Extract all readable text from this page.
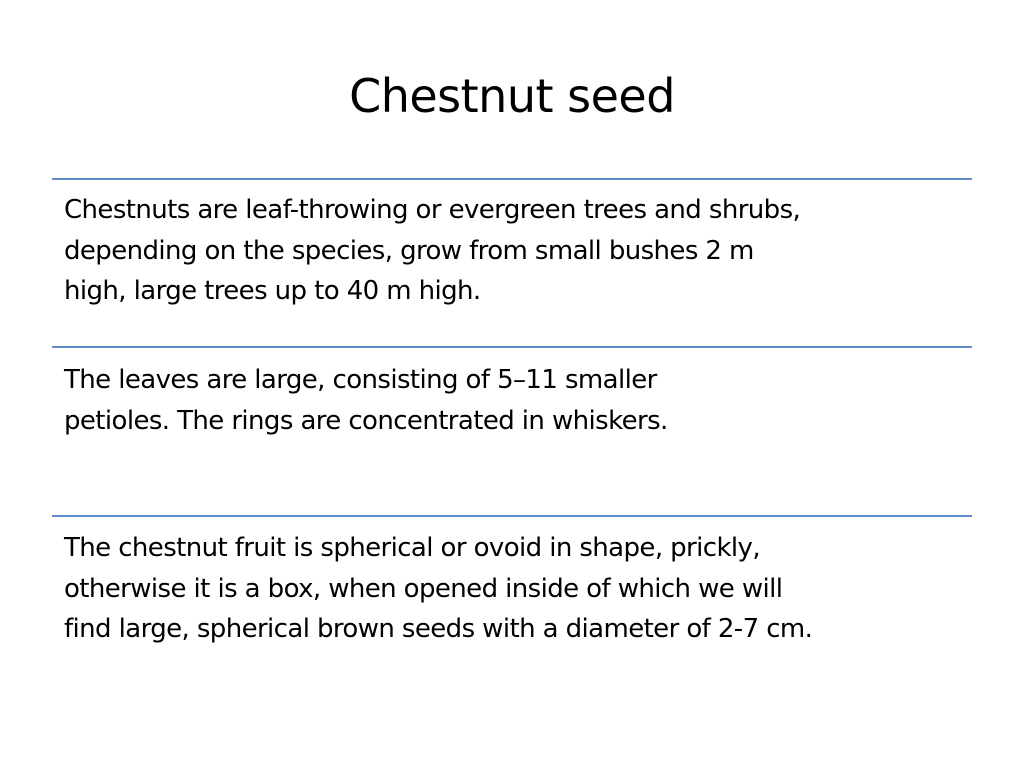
Chestnut seed

Chestnuts are leaf-throwing or evergreen trees and shrubs,
depending on the species, grow from small bushes 2 m
high, large trees up to 40 m high.

The leaves are large, consisting of 5–11 smaller
petioles. The rings are concentrated in whiskers.

The chestnut fruit is spherical or ovoid in shape, prickly,
otherwise it is a box, when opened inside of which we will
find large, spherical brown seeds with a diameter of 2-7 cm.
